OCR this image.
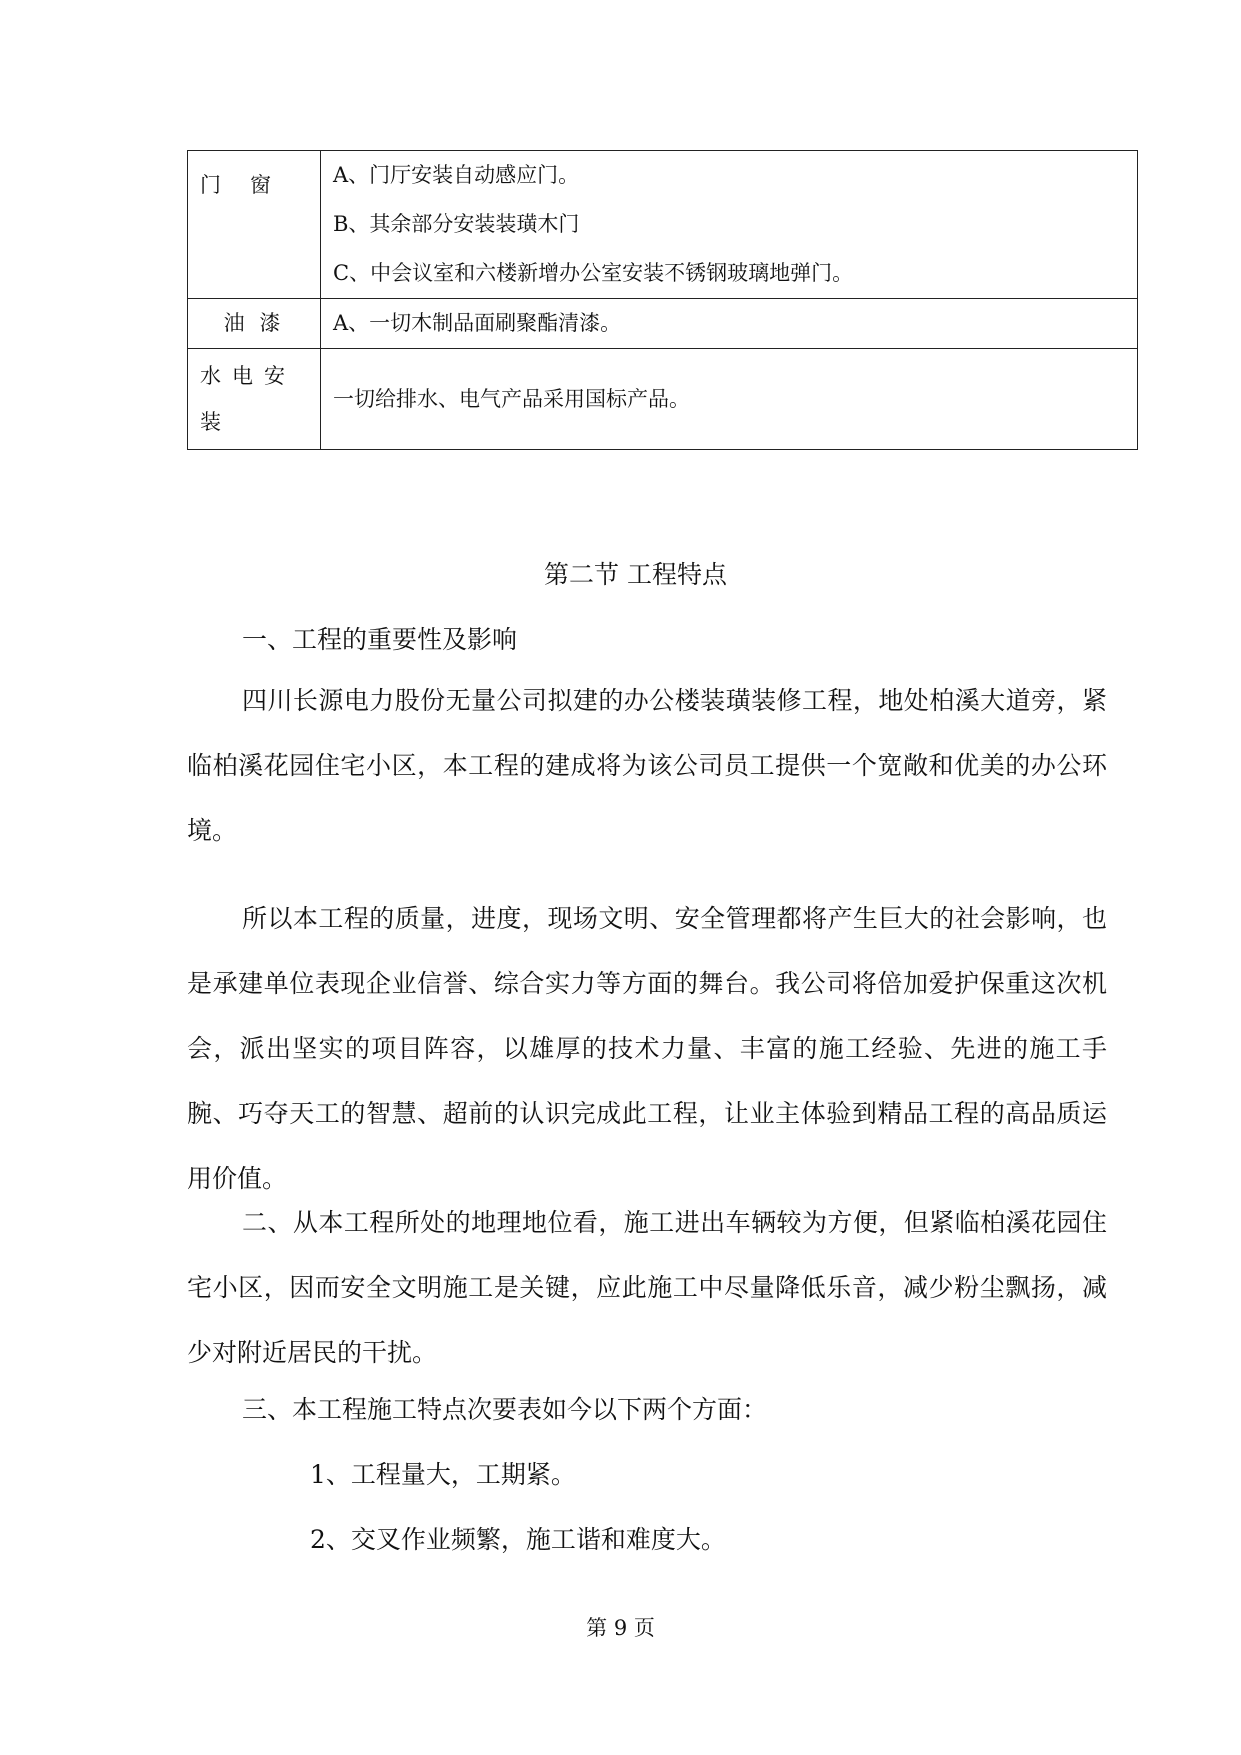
门　窗	A、门厅安装自动感应门。
B、其余部分安装装璜木门
C、中会议室和六楼新增办公室安装不锈钢玻璃地弹门。

油 漆	A、一切木制品面刷聚酯清漆。

水电安装	一切给排水、电气产品采用国标产品。
第二节 工程特点
一、工程的重要性及影响

四川长源电力股份无量公司拟建的办公楼装璜装修工程，地处柏溪大道旁，紧临柏溪花园住宅小区，本工程的建成将为该公司员工提供一个宽敞和优美的办公环境。

所以本工程的质量，进度，现场文明、安全管理都将产生巨大的社会影响，也是承建单位表现企业信誉、综合实力等方面的舞台。我公司将倍加爱护保重这次机会，派出坚实的项目阵容，以雄厚的技术力量、丰富的施工经验、先进的施工手腕、巧夺天工的智慧、超前的认识完成此工程，让业主体验到精品工程的高品质运用价值。

二、从本工程所处的地理地位看，施工进出车辆较为方便，但紧临柏溪花园住宅小区，因而安全文明施工是关键，应此施工中尽量降低乐音，减少粉尘飘扬，减少对附近居民的干扰。

三、本工程施工特点次要表如今以下两个方面：
1、工程量大，工期紧。
2、交叉作业频繁，施工谐和难度大。
第 9 页
